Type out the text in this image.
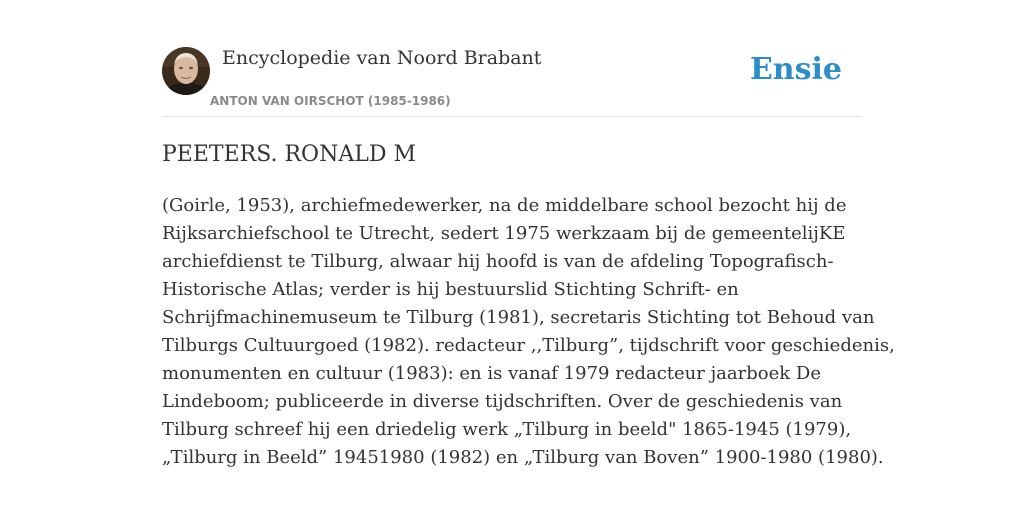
Encyclopedie van Noord Brabant
ANTON VAN OIRSCHOT (1985-1986)
Ensie
PEETERS. RONALD M
(Goirle, 1953), archiefmedewerker, na de middelbare school bezocht hij de
Rijksarchiefschool te Utrecht, sedert 1975 werkzaam bij de gemeentelijKE
archiefdienst te Tilburg, alwaar hij hoofd is van de afdeling Topografisch-
Historische Atlas; verder is hij bestuurslid Stichting Schrift- en
Schrijfmachinemuseum te Tilburg (1981), secretaris Stichting tot Behoud van
Tilburgs Cultuurgoed (1982). redacteur ,,Tilburg”, tijdschrift voor geschiedenis,
monumenten en cultuur (1983): en is vanaf 1979 redacteur jaarboek De
Lindeboom; publiceerde in diverse tijdschriften. Over de geschiedenis van
Tilburg schreef hij een driedelig werk „Tilburg in beeld" 1865-1945 (1979),
„Tilburg in Beeld” 19451980 (1982) en „Tilburg van Boven” 1900-1980 (1980).
